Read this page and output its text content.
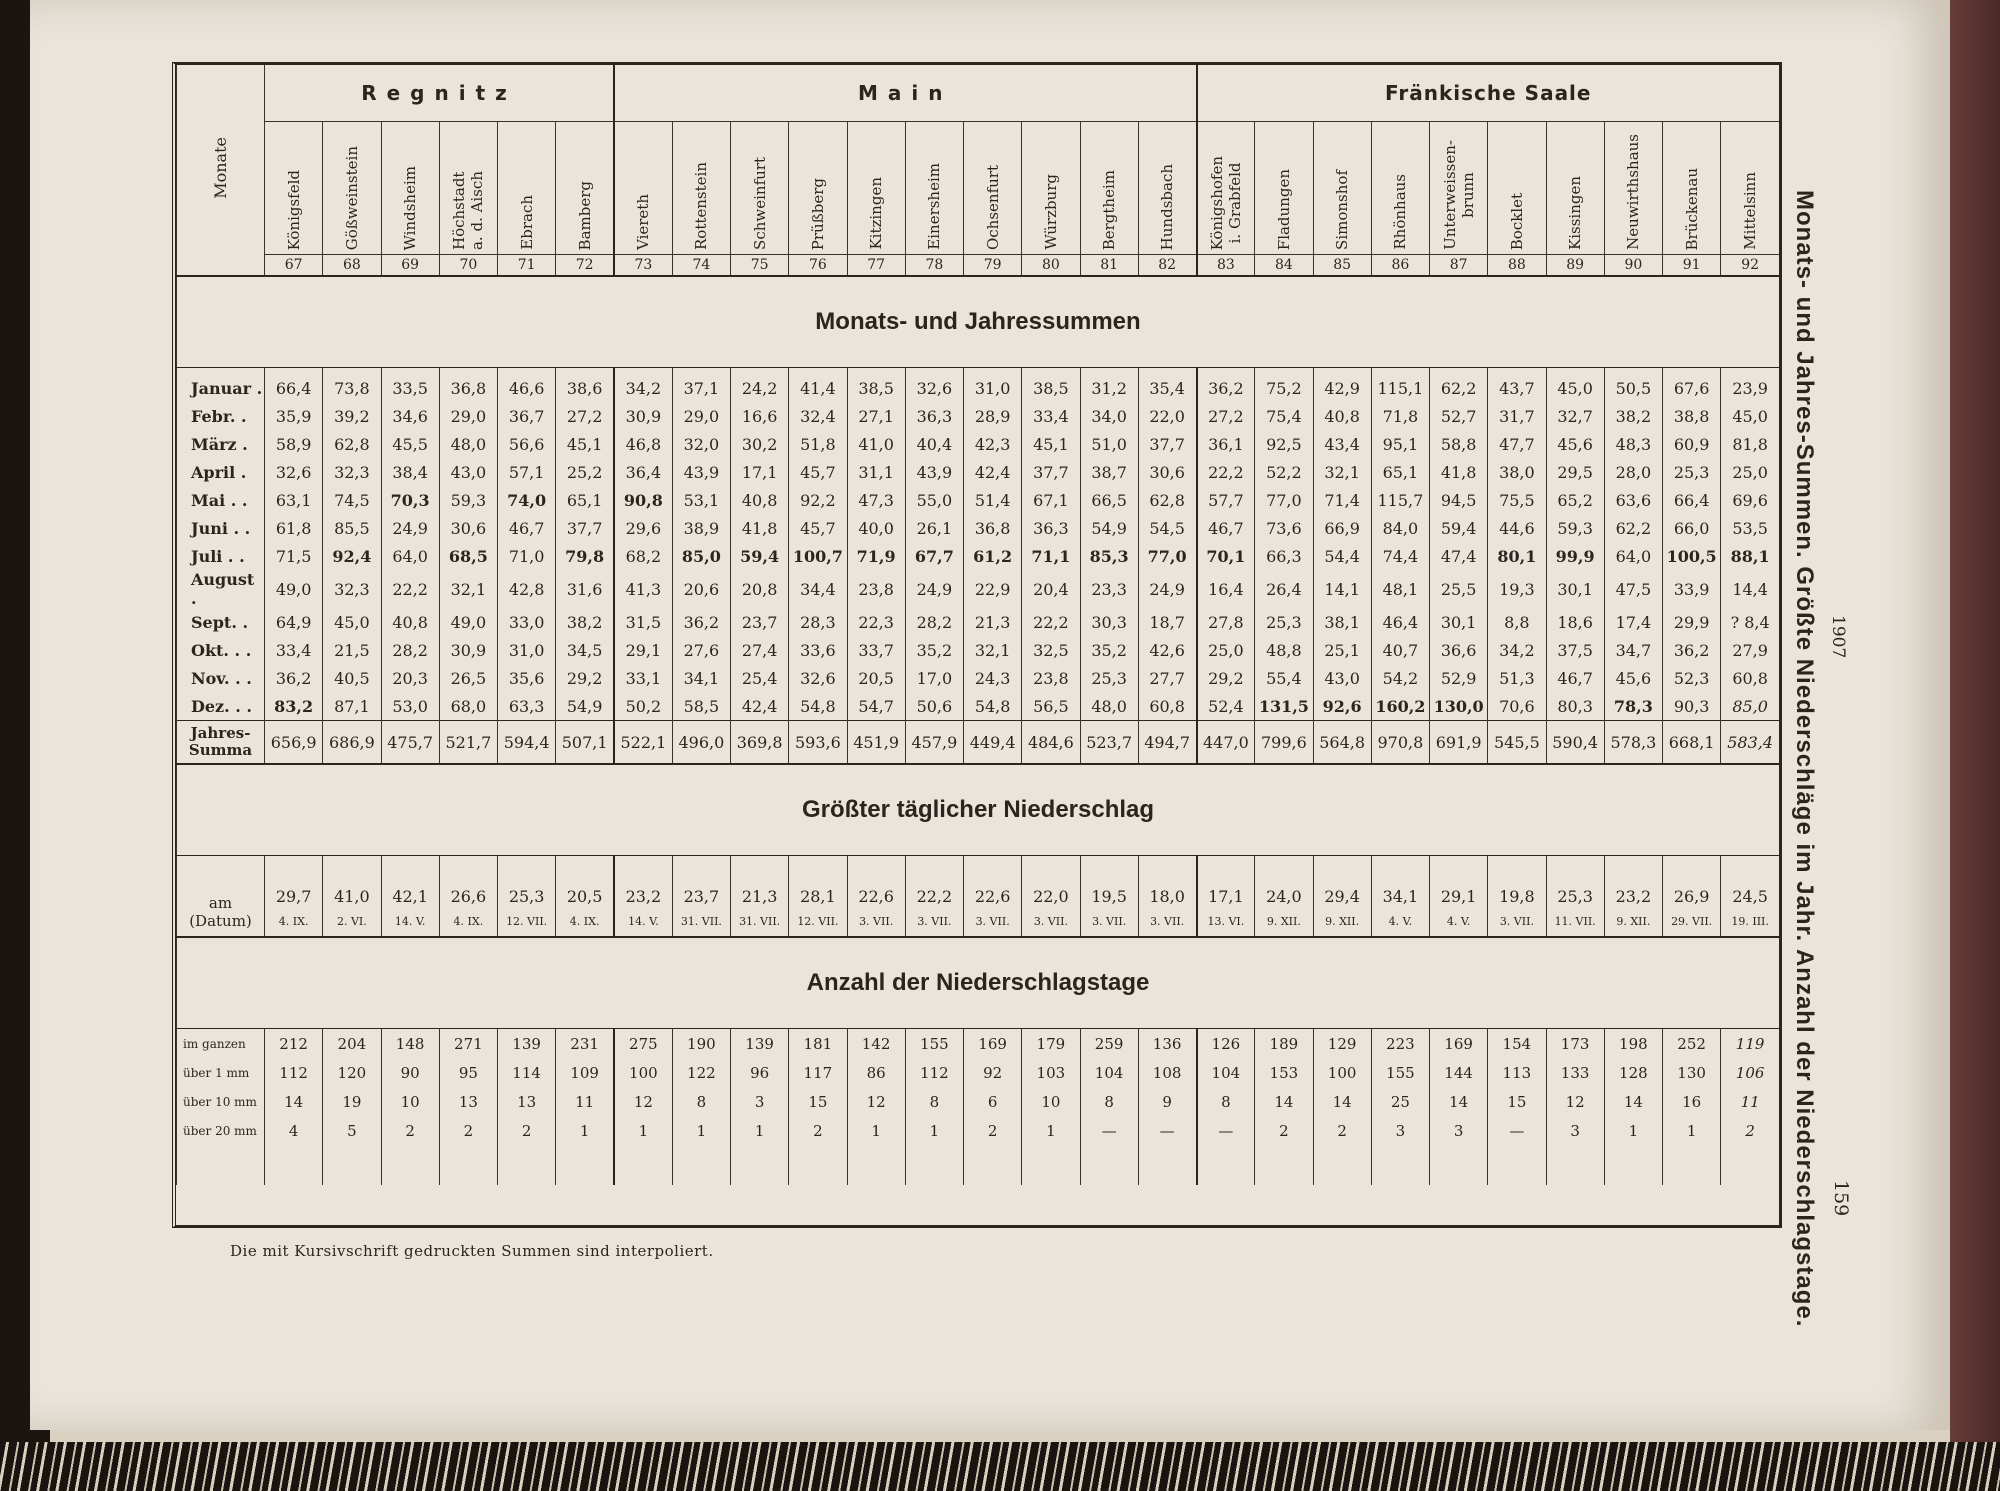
Monate	Regnitz						Main										Fränkische Saale									
	Königsfeld	Gößweinstein	Windsheim	Höchstadt
a. d. Aisch	Ebrach	Bamberg	Viereth	Rottenstein	Schweinfurt	Prüßberg	Kitzingen	Einersheim	Ochsenfurt	Würzburg	Bergtheim	Hundsbach	Königshofen
i. Grabfeld	Fladungen	Simonshof	Rhönhaus	Unterweissen-
brunn	Bocklet	Kissingen	Neuwirthshaus	Brückenau	Mittelsinn
	67	68	69	70	71	72	73	74	75	76	77	78	79	80	81	82	83	84	85	86	87	88	89	90	91	92
Monats- und Jahressummen																										
Januar .	66,4	73,8	33,5	36,8	46,6	38,6	34,2	37,1	24,2	41,4	38,5	32,6	31,0	38,5	31,2	35,4	36,2	75,2	42,9	115,1	62,2	43,7	45,0	50,5	67,6	23,9
Febr. .	35,9	39,2	34,6	29,0	36,7	27,2	30,9	29,0	16,6	32,4	27,1	36,3	28,9	33,4	34,0	22,0	27,2	75,4	40,8	71,8	52,7	31,7	32,7	38,2	38,8	45,0
März .	58,9	62,8	45,5	48,0	56,6	45,1	46,8	32,0	30,2	51,8	41,0	40,4	42,3	45,1	51,0	37,7	36,1	92,5	43,4	95,1	58,8	47,7	45,6	48,3	60,9	81,8
April .	32,6	32,3	38,4	43,0	57,1	25,2	36,4	43,9	17,1	45,7	31,1	43,9	42,4	37,7	38,7	30,6	22,2	52,2	32,1	65,1	41,8	38,0	29,5	28,0	25,3	25,0
Mai . .	63,1	74,5	70,3	59,3	74,0	65,1	90,8	53,1	40,8	92,2	47,3	55,0	51,4	67,1	66,5	62,8	57,7	77,0	71,4	115,7	94,5	75,5	65,2	63,6	66,4	69,6
Juni . .	61,8	85,5	24,9	30,6	46,7	37,7	29,6	38,9	41,8	45,7	40,0	26,1	36,8	36,3	54,9	54,5	46,7	73,6	66,9	84,0	59,4	44,6	59,3	62,2	66,0	53,5
Juli . .	71,5	92,4	64,0	68,5	71,0	79,8	68,2	85,0	59,4	100,7	71,9	67,7	61,2	71,1	85,3	77,0	70,1	66,3	54,4	74,4	47,4	80,1	99,9	64,0	100,5	88,1
August .	49,0	32,3	22,2	32,1	42,8	31,6	41,3	20,6	20,8	34,4	23,8	24,9	22,9	20,4	23,3	24,9	16,4	26,4	14,1	48,1	25,5	19,3	30,1	47,5	33,9	14,4
Sept. .	64,9	45,0	40,8	49,0	33,0	38,2	31,5	36,2	23,7	28,3	22,3	28,2	21,3	22,2	30,3	18,7	27,8	25,3	38,1	46,4	30,1	8,8	18,6	17,4	29,9	? 8,4
Okt. . .	33,4	21,5	28,2	30,9	31,0	34,5	29,1	27,6	27,4	33,6	33,7	35,2	32,1	32,5	35,2	42,6	25,0	48,8	25,1	40,7	36,6	34,2	37,5	34,7	36,2	27,9
Nov. . .	36,2	40,5	20,3	26,5	35,6	29,2	33,1	34,1	25,4	32,6	20,5	17,0	24,3	23,8	25,3	27,7	29,2	55,4	43,0	54,2	52,9	51,3	46,7	45,6	52,3	60,8
Dez. . .	83,2	87,1	53,0	68,0	63,3	54,9	50,2	58,5	42,4	54,8	54,7	50,6	54,8	56,5	48,0	60,8	52,4	131,5	92,6	160,2	130,0	70,6	80,3	78,3	90,3	85,0
Jahres-
Summa	656,9	686,9	475,7	521,7	594,4	507,1	522,1	496,0	369,8	593,6	451,9	457,9	449,4	484,6	523,7	494,7	447,0	799,6	564,8	970,8	691,9	545,5	590,4	578,3	668,1	583,4
Größter täglicher Niederschlag																										
am
(Datum)	29,7	41,0	42,1	26,6	25,3	20,5	23,2	23,7	21,3	28,1	22,6	22,2	22,6	22,0	19,5	18,0	17,1	24,0	29,4	34,1	29,1	19,8	25,3	23,2	26,9	24,5
	4. IX.	2. VI.	14. V.	4. IX.	12. VII.	4. IX.	14. V.	31. VII.	31. VII.	12. VII.	3. VII.	3. VII.	3. VII.	3. VII.	3. VII.	3. VII.	13. VI.	9. XII.	9. XII.	4. V.	4. V.	3. VII.	11. VII.	9. XII.	29. VII.	19. III.
Anzahl der Niederschlagstage																										
im ganzen	212	204	148	271	139	231	275	190	139	181	142	155	169	179	259	136	126	189	129	223	169	154	173	198	252	119
über 1 mm	112	120	90	95	114	109	100	122	96	117	86	112	92	103	104	108	104	153	100	155	144	113	133	128	130	106
über 10 mm	14	19	10	13	13	11	12	8	3	15	12	8	6	10	8	9	8	14	14	25	14	15	12	14	16	11
über 20 mm	4	5	2	2	2	1	1	1	1	2	1	1	2	1	—	—	—	2	2	3	3	—	3	1	1	2

Die mit Kursivschrift gedruckten Summen sind interpoliert.	Monats- und Jahres-Summen. Größte Niederschläge im Jahr. Anzahl der Niederschlagstage. 1907
159
